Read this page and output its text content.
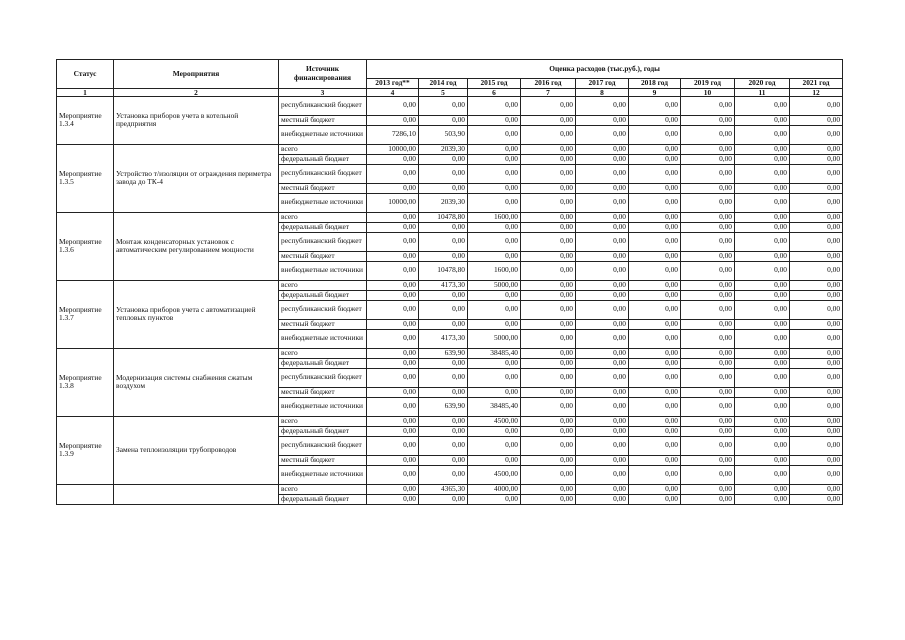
Статус	Мероприятия	Источник финансирования	Оценка расходов (тыс.руб.), годы								
			2013 год**	2014 год	2015 год	2016 год	2017 год	2018 год	2019 год	2020 год	2021 год
1	2	3	4	5	6	7	8	9	10	11	12
Мероприятие 1.3.4	Установка приборов учета в котельной предприятия	республиканский бюджет	0,00	0,00	0,00	0,00	0,00	0,00	0,00	0,00	0,00
		местный бюджет	0,00	0,00	0,00	0,00	0,00	0,00	0,00	0,00	0,00
		внебюджетные источники	7286,10	503,90	0,00	0,00	0,00	0,00	0,00	0,00	0,00
Мероприятие 1.3.5	Устройство т/изоляции от ограждения периметра завода до ТК-4	всего	10000,00	2039,30	0,00	0,00	0,00	0,00	0,00	0,00	0,00
		федеральный бюджет	0,00	0,00	0,00	0,00	0,00	0,00	0,00	0,00	0,00
		республиканский бюджет	0,00	0,00	0,00	0,00	0,00	0,00	0,00	0,00	0,00
		местный бюджет	0,00	0,00	0,00	0,00	0,00	0,00	0,00	0,00	0,00
		внебюджетные источники	10000,00	2039,30	0,00	0,00	0,00	0,00	0,00	0,00	0,00
Мероприятие 1.3.6	Монтаж конденсаторных установок с автоматическим регулированием мощности	всего	0,00	10478,80	1600,00	0,00	0,00	0,00	0,00	0,00	0,00
		федеральный бюджет	0,00	0,00	0,00	0,00	0,00	0,00	0,00	0,00	0,00
		республиканский бюджет	0,00	0,00	0,00	0,00	0,00	0,00	0,00	0,00	0,00
		местный бюджет	0,00	0,00	0,00	0,00	0,00	0,00	0,00	0,00	0,00
		внебюджетные источники	0,00	10478,80	1600,00	0,00	0,00	0,00	0,00	0,00	0,00
Мероприятие 1.3.7	Установка приборов учета с автоматизацией тепловых пунктов	всего	0,00	4173,30	5000,00	0,00	0,00	0,00	0,00	0,00	0,00
		федеральный бюджет	0,00	0,00	0,00	0,00	0,00	0,00	0,00	0,00	0,00
		республиканский бюджет	0,00	0,00	0,00	0,00	0,00	0,00	0,00	0,00	0,00
		местный бюджет	0,00	0,00	0,00	0,00	0,00	0,00	0,00	0,00	0,00
		внебюджетные источники	0,00	4173,30	5000,00	0,00	0,00	0,00	0,00	0,00	0,00
Мероприятие 1.3.8	Модернизация системы снабжения сжатым воздухом	всего	0,00	639,90	38485,40	0,00	0,00	0,00	0,00	0,00	0,00
		федеральный бюджет	0,00	0,00	0,00	0,00	0,00	0,00	0,00	0,00	0,00
		республиканский бюджет	0,00	0,00	0,00	0,00	0,00	0,00	0,00	0,00	0,00
		местный бюджет	0,00	0,00	0,00	0,00	0,00	0,00	0,00	0,00	0,00
		внебюджетные источники	0,00	639,90	38485,40	0,00	0,00	0,00	0,00	0,00	0,00
Мероприятие 1.3.9	Замена теплоизоляции трубопроводов	всего	0,00	0,00	4500,00	0,00	0,00	0,00	0,00	0,00	0,00
		федеральный бюджет	0,00	0,00	0,00	0,00	0,00	0,00	0,00	0,00	0,00
		республиканский бюджет	0,00	0,00	0,00	0,00	0,00	0,00	0,00	0,00	0,00
		местный бюджет	0,00	0,00	0,00	0,00	0,00	0,00	0,00	0,00	0,00
		внебюджетные источники	0,00	0,00	4500,00	0,00	0,00	0,00	0,00	0,00	0,00
		всего	0,00	4365,30	4000,00	0,00	0,00	0,00	0,00	0,00	0,00
		федеральный бюджет	0,00	0,00	0,00	0,00	0,00	0,00	0,00	0,00	0,00
